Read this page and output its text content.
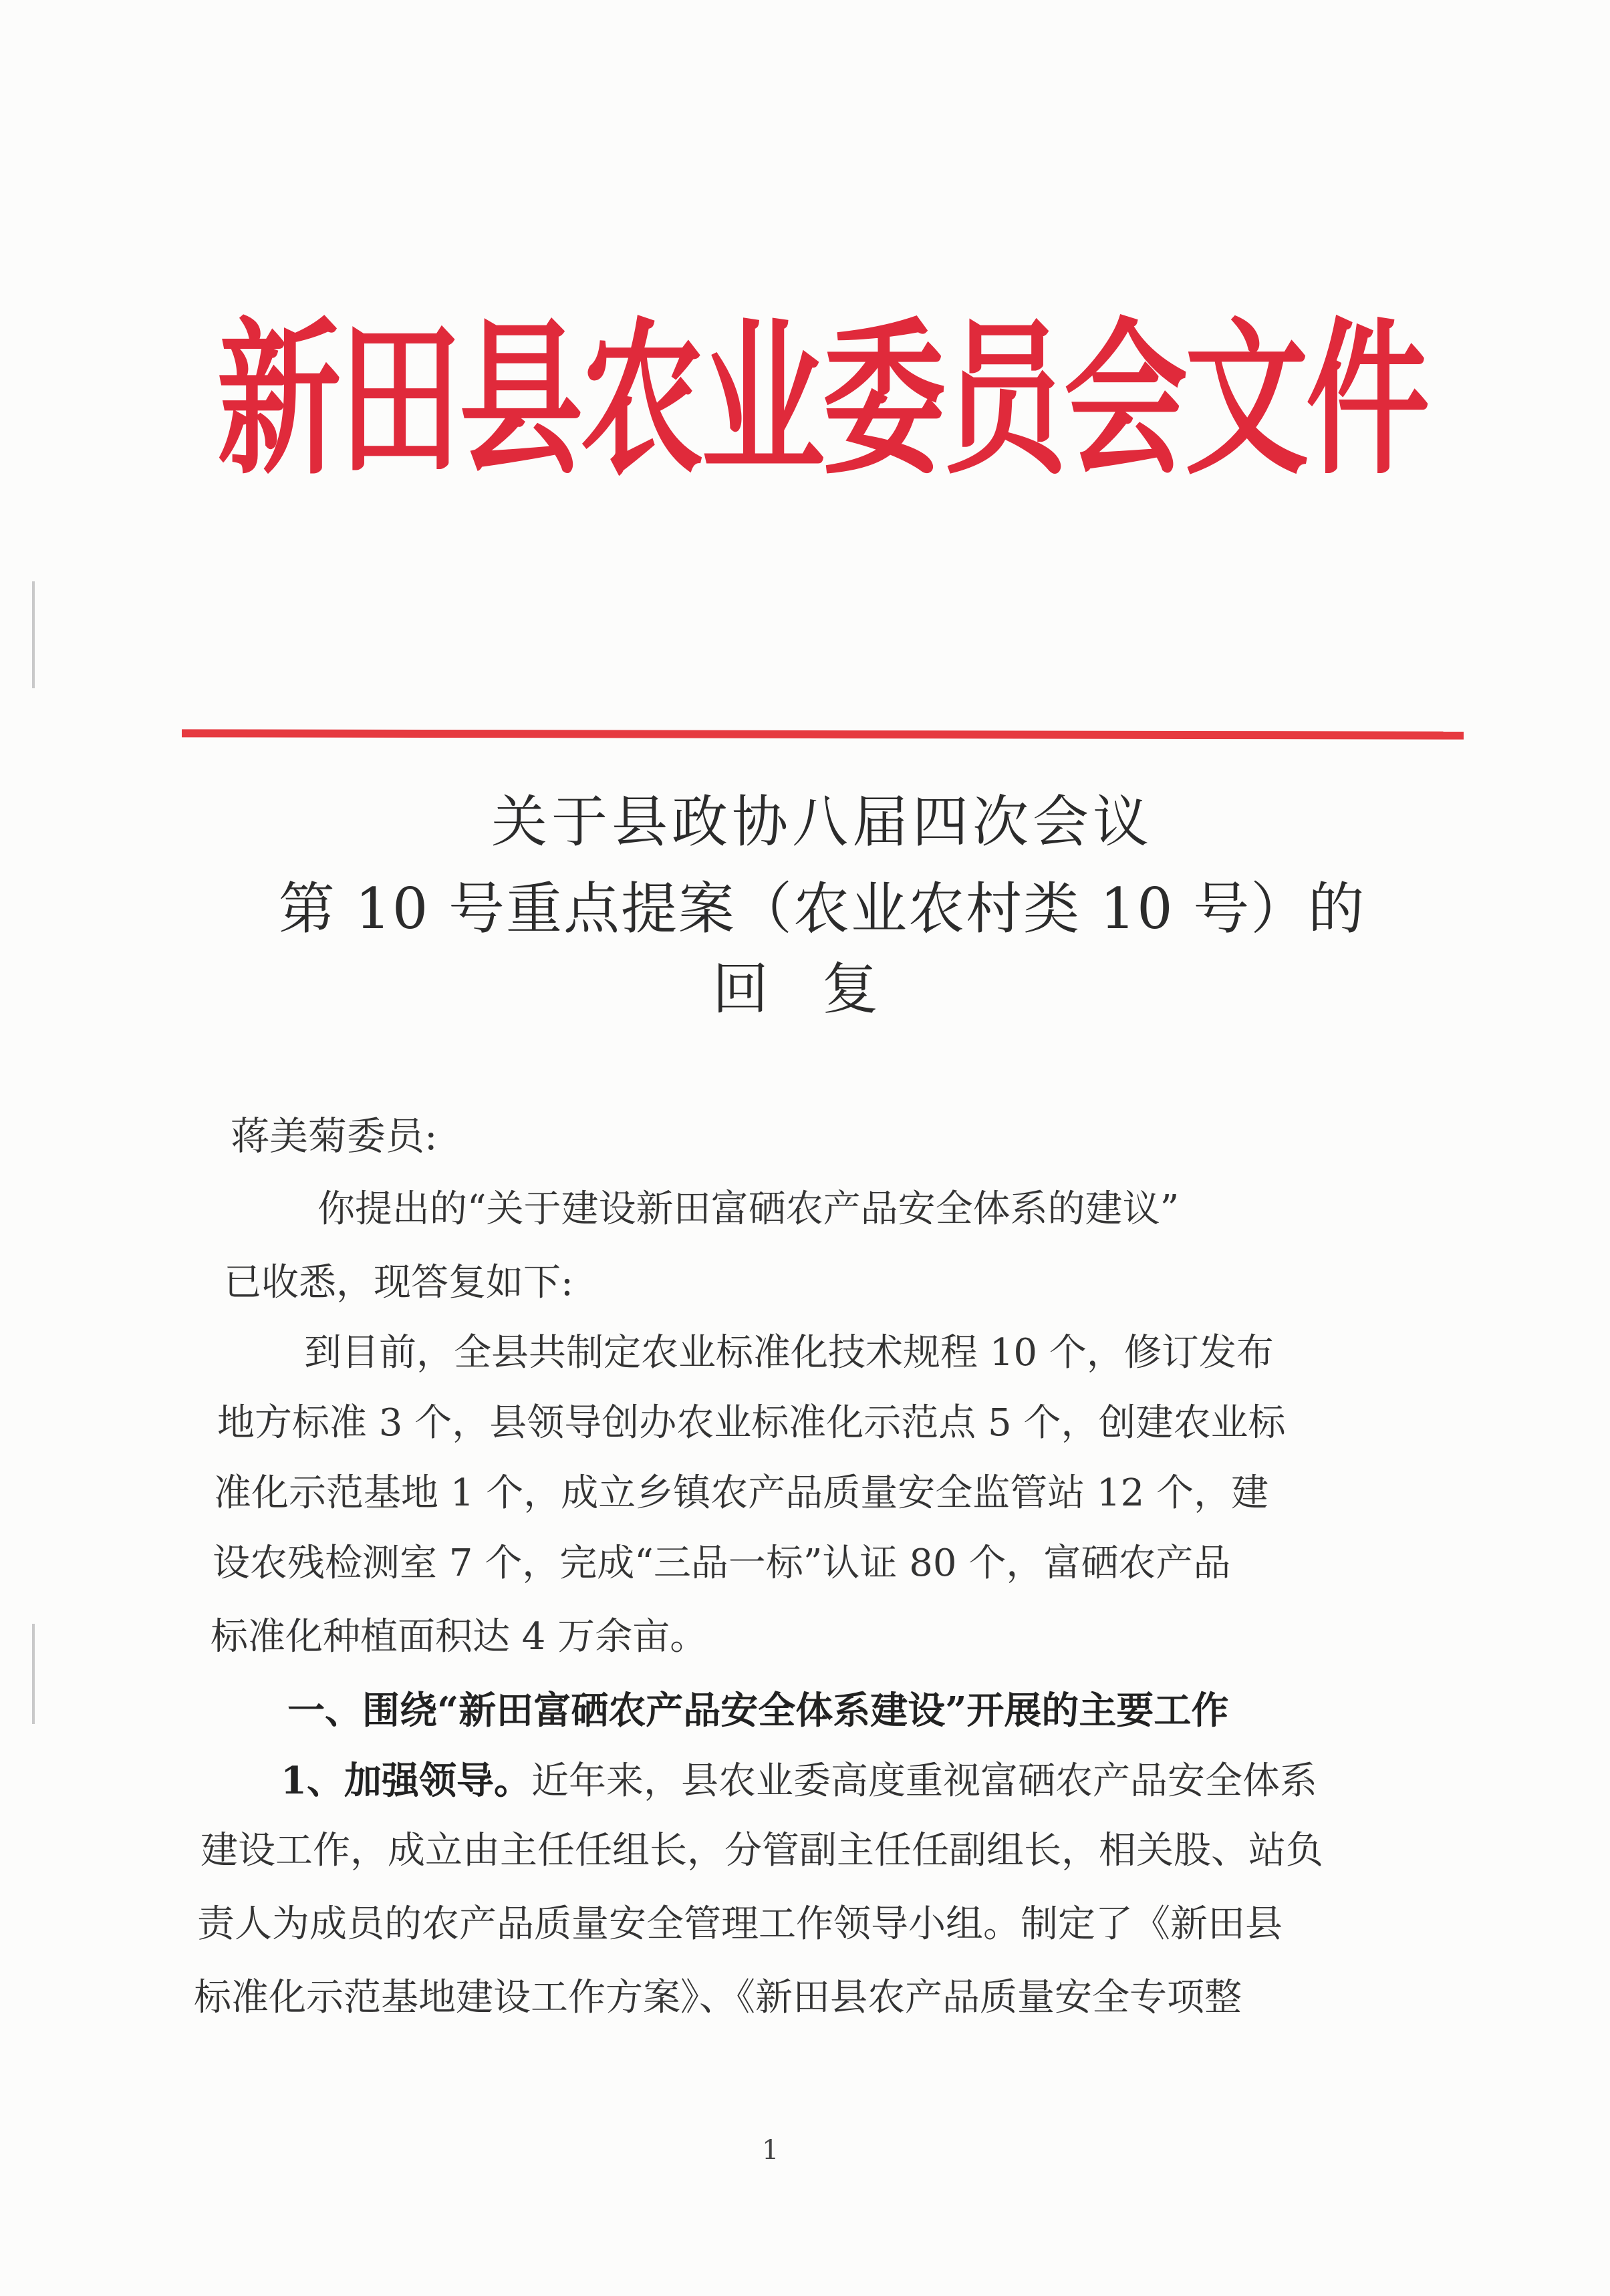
新田县农业委员会文件
关于县政协八届四次会议
第 10 号重点提案（农业农村类 10 号）的
回复
蒋美菊委员:
你提出的“关于建设新田富硒农产品安全体系的建议”
已收悉，现答复如下:
到目前，全县共制定农业标准化技术规程 10 个，修订发布
地方标准 3 个，县领导创办农业标准化示范点 5 个，创建农业标
准化示范基地 1 个，成立乡镇农产品质量安全监管站 12 个，建
设农残检测室 7 个，完成“三品一标”认证 80 个，富硒农产品
标准化种植面积达 4 万余亩。
一、围绕“新田富硒农产品安全体系建设”开展的主要工作
1、加强领导。近年来，县农业委高度重视富硒农产品安全体系
建设工作，成立由主任任组长，分管副主任任副组长，相关股、站负
责人为成员的农产品质量安全管理工作领导小组。制定了《新田县
标准化示范基地建设工作方案》、《新田县农产品质量安全专项整
1
